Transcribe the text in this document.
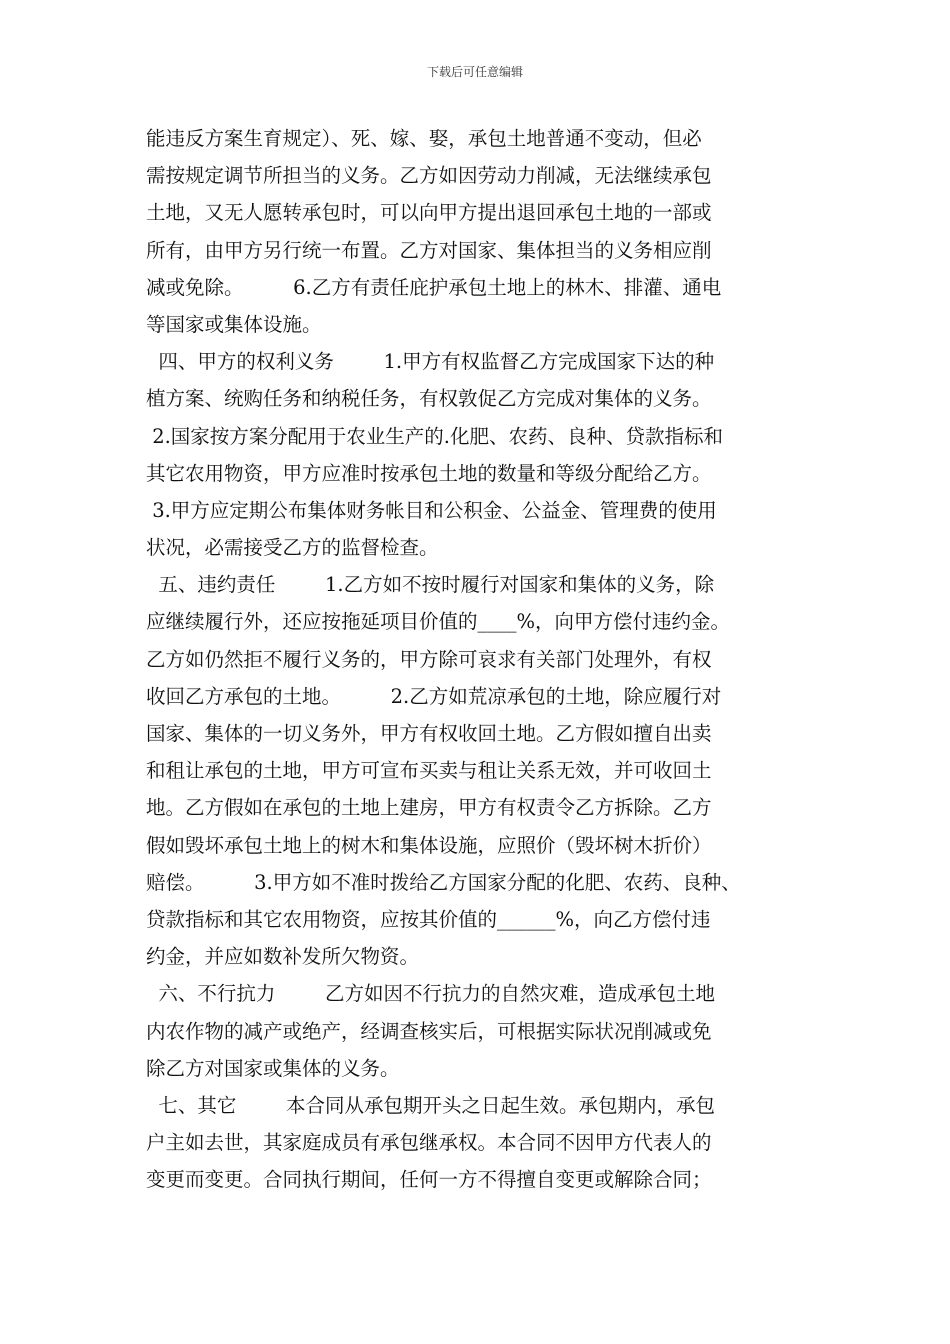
下载后可任意编辑
能违反方案生育规定）、死、嫁、娶，承包土地普通不变动，但必
需按规定调节所担当的义务。乙方如因劳动力削减，无法继续承包
土地，又无人愿转承包时，可以向甲方提出退回承包土地的一部或
所有，由甲方另行统一布置。乙方对国家、集体担当的义务相应削
减或免除。        6.乙方有责任庇护承包土地上的林木、排灌、通电
等国家或集体设施。
四、甲方的权利义务        1.甲方有权监督乙方完成国家下达的种
植方案、统购任务和纳税任务，有权敦促乙方完成对集体的义务。
2.国家按方案分配用于农业生产的.化肥、农药、良种、贷款指标和
其它农用物资，甲方应准时按承包土地的数量和等级分配给乙方。
3.甲方应定期公布集体财务帐目和公积金、公益金、管理费的使用
状况，必需接受乙方的监督检查。
五、违约责任        1.乙方如不按时履行对国家和集体的义务，除
应继续履行外，还应按拖延项目价值的____%，向甲方偿付违约金。
乙方如仍然拒不履行义务的，甲方除可哀求有关部门处理外，有权
收回乙方承包的土地。        2.乙方如荒凉承包的土地，除应履行对
国家、集体的一切义务外，甲方有权收回土地。乙方假如擅自出卖
和租让承包的土地，甲方可宣布买卖与租让关系无效，并可收回土
地。乙方假如在承包的土地上建房，甲方有权责令乙方拆除。乙方
假如毁坏承包土地上的树木和集体设施，应照价（毁坏树木折价）
赔偿。        3.甲方如不准时拨给乙方国家分配的化肥、农药、良种、
贷款指标和其它农用物资，应按其价值的______%，向乙方偿付违
约金，并应如数补发所欠物资。
六、不行抗力        乙方如因不行抗力的自然灾难，造成承包土地
内农作物的减产或绝产，经调查核实后，可根据实际状况削减或免
除乙方对国家或集体的义务。
七、其它        本合同从承包期开头之日起生效。承包期内，承包
户主如去世，其家庭成员有承包继承权。本合同不因甲方代表人的
变更而变更。合同执行期间，任何一方不得擅自变更或解除合同；
